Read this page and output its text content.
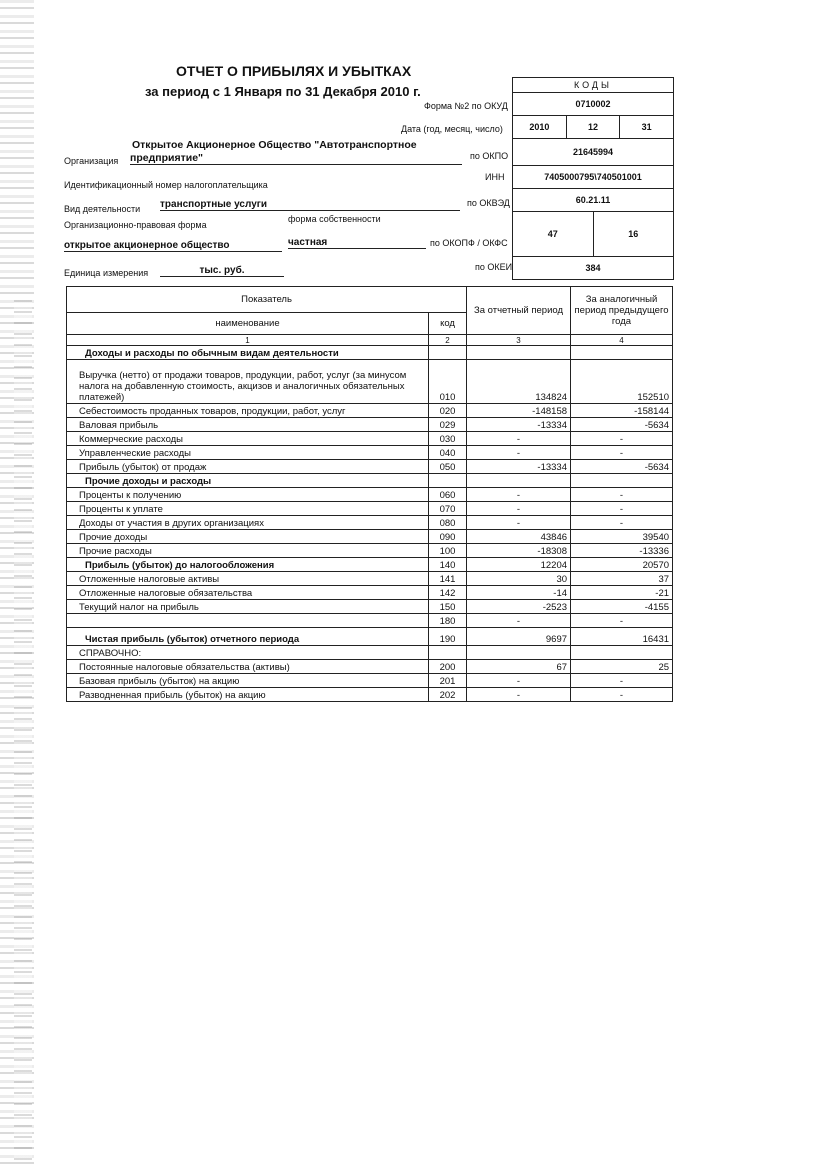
ОТЧЕТ О ПРИБЫЛЯХ И УБЫТКАХ
за период с 1 Января по 31 Декабря 2010 г.
Форма №2 по ОКУД
Дата (год, месяц, число)
Открытое Акционерное Общество "Автотранспортное
Организация предприятие"	по ОКПО
Идентификационный номер налогоплательщика
ИНН
Вид деятельности транспортные услуги	по ОКВЭД
Организационно-правовая форма
форма собственности
открытое акционерное общество	частная	по ОКОПФ / ОКФС
Единица измерения	тыс. руб.	по ОКЕИ
КОДЫ
0710002
2010	12	31
21645994
7405000795\740501001
60.21.11
47	16
384
Показатель		За отчетный период	За аналогичный период предыдущего года
наименование	код		
1	2	3	4
Доходы и расходы по обычным видам деятельности			
Выручка (нетто) от продажи товаров, продукции, работ, услуг (за минусом налога на добавленную стоимость, акцизов и аналогичных обязательных платежей)	010	134824	152510
Себестоимость проданных товаров, продукции, работ, услуг	020	-148158	-158144
Валовая прибыль	029	-13334	-5634
Коммерческие расходы	030	-	-
Управленческие расходы	040	-	-
Прибыль (убыток) от продаж	050	-13334	-5634
Прочие доходы и расходы			
Проценты к получению	060	-	-
Проценты к уплате	070	-	-
Доходы от участия в других организациях	080	-	-
Прочие доходы	090	43846	39540
Прочие расходы	100	-18308	-13336
Прибыль (убыток) до налогообложения	140	12204	20570
Отложенные налоговые активы	141	30	37
Отложенные налоговые обязательства	142	-14	-21
Текущий налог на прибыль	150	-2523	-4155
	180	-	-
Чистая прибыль (убыток) отчетного периода	190	9697	16431
СПРАВОЧНО:			
Постоянные налоговые обязательства (активы)	200	67	25
Базовая прибыль (убыток) на акцию	201	-	-
Разводненная прибыль (убыток) на акцию	202	-	-
